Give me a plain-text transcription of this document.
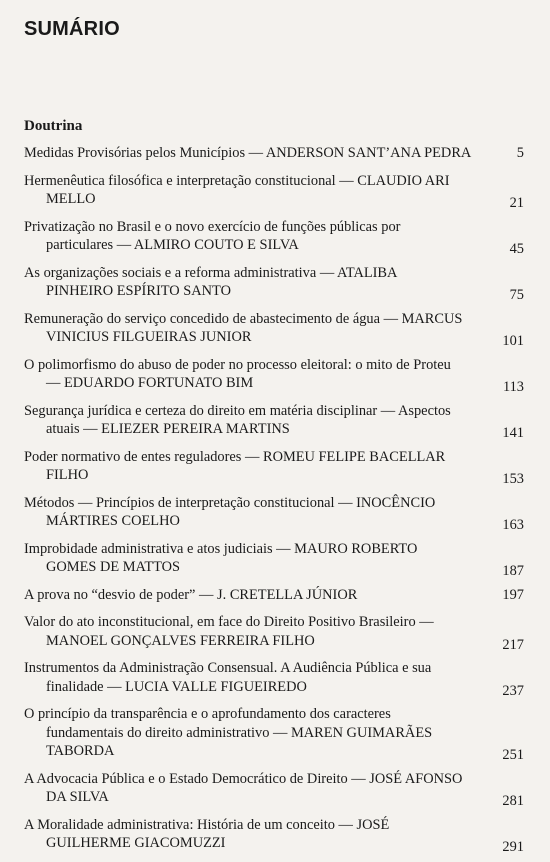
SUMÁRIO
Doutrina
Medidas Provisórias pelos Municípios — ANDERSON SANT’ANA PEDRA	5
Hermenêutica filosófica e interpretação constitucional — CLAUDIO ARI
MELLO	21
Privatização no Brasil e o novo exercício de funções públicas por
particulares — ALMIRO COUTO E SILVA	45
As organizações sociais e a reforma administrativa — ATALIBA
PINHEIRO ESPÍRITO SANTO	75
Remuneração do serviço concedido de abastecimento de água — MARCUS
VINICIUS FILGUEIRAS JUNIOR	101
O polimorfismo do abuso de poder no processo eleitoral: o mito de Proteu
— EDUARDO FORTUNATO BIM	113
Segurança jurídica e certeza do direito em matéria disciplinar — Aspectos
atuais — ELIEZER PEREIRA MARTINS	141
Poder normativo de entes reguladores — ROMEU FELIPE BACELLAR
FILHO	153
Métodos — Princípios de interpretação constitucional — INOCÊNCIO
MÁRTIRES COELHO	163
Improbidade administrativa e atos judiciais — MAURO ROBERTO
GOMES DE MATTOS	187
A prova no “desvio de poder” — J. CRETELLA JÚNIOR	197
Valor do ato inconstitucional, em face do Direito Positivo Brasileiro —
MANOEL GONÇALVES FERREIRA FILHO	217
Instrumentos da Administração Consensual. A Audiência Pública e sua
finalidade — LUCIA VALLE FIGUEIREDO	237
O princípio da transparência e o aprofundamento dos caracteres
fundamentais do direito administrativo — MAREN GUIMARÃES
TABORDA	251
A Advocacia Pública e o Estado Democrático de Direito — JOSÉ AFONSO
DA SILVA	281
A Moralidade administrativa: História de um conceito — JOSÉ
GUILHERME GIACOMUZZI	291
